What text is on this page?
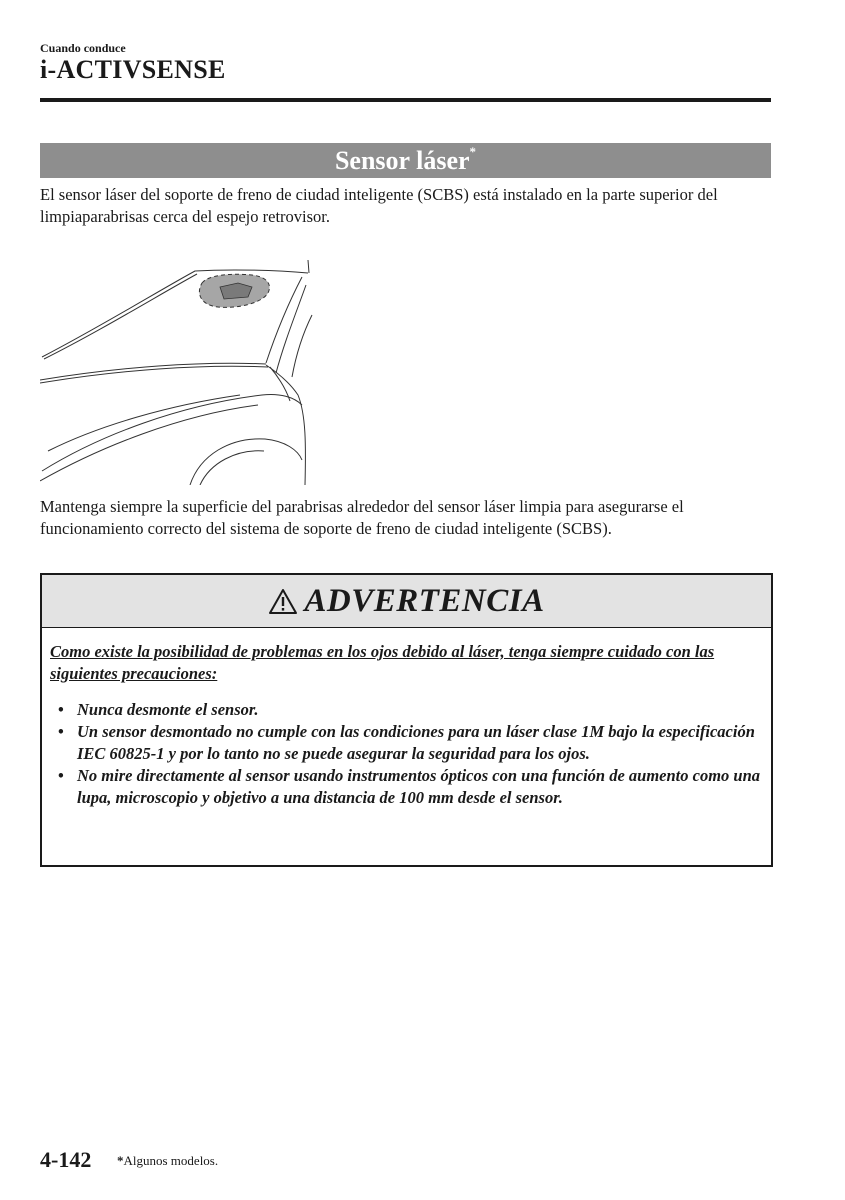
Cuando conduce
i-ACTIVSENSE
Sensor láser*

El sensor láser del soporte de freno de ciudad inteligente (SCBS) está instalado en la parte superior del limpiaparabrisas cerca del espejo retrovisor.

Mantenga siempre la superficie del parabrisas alrededor del sensor láser limpia para asegurarse el funcionamiento correcto del sistema de soporte de freno de ciudad inteligente (SCBS).

ADVERTENCIA

Como existe la posibilidad de problemas en los ojos debido al láser, tenga siempre cuidado con las siguientes precauciones:

• Nunca desmonte el sensor.
• Un sensor desmontado no cumple con las condiciones para un láser clase 1M bajo la especificación IEC 60825-1 y por lo tanto no se puede asegurar la seguridad para los ojos.
• No mire directamente al sensor usando instrumentos ópticos con una función de aumento como una lupa, microscopio y objetivo a una distancia de 100 mm desde el sensor.
4-142 *Algunos modelos.
